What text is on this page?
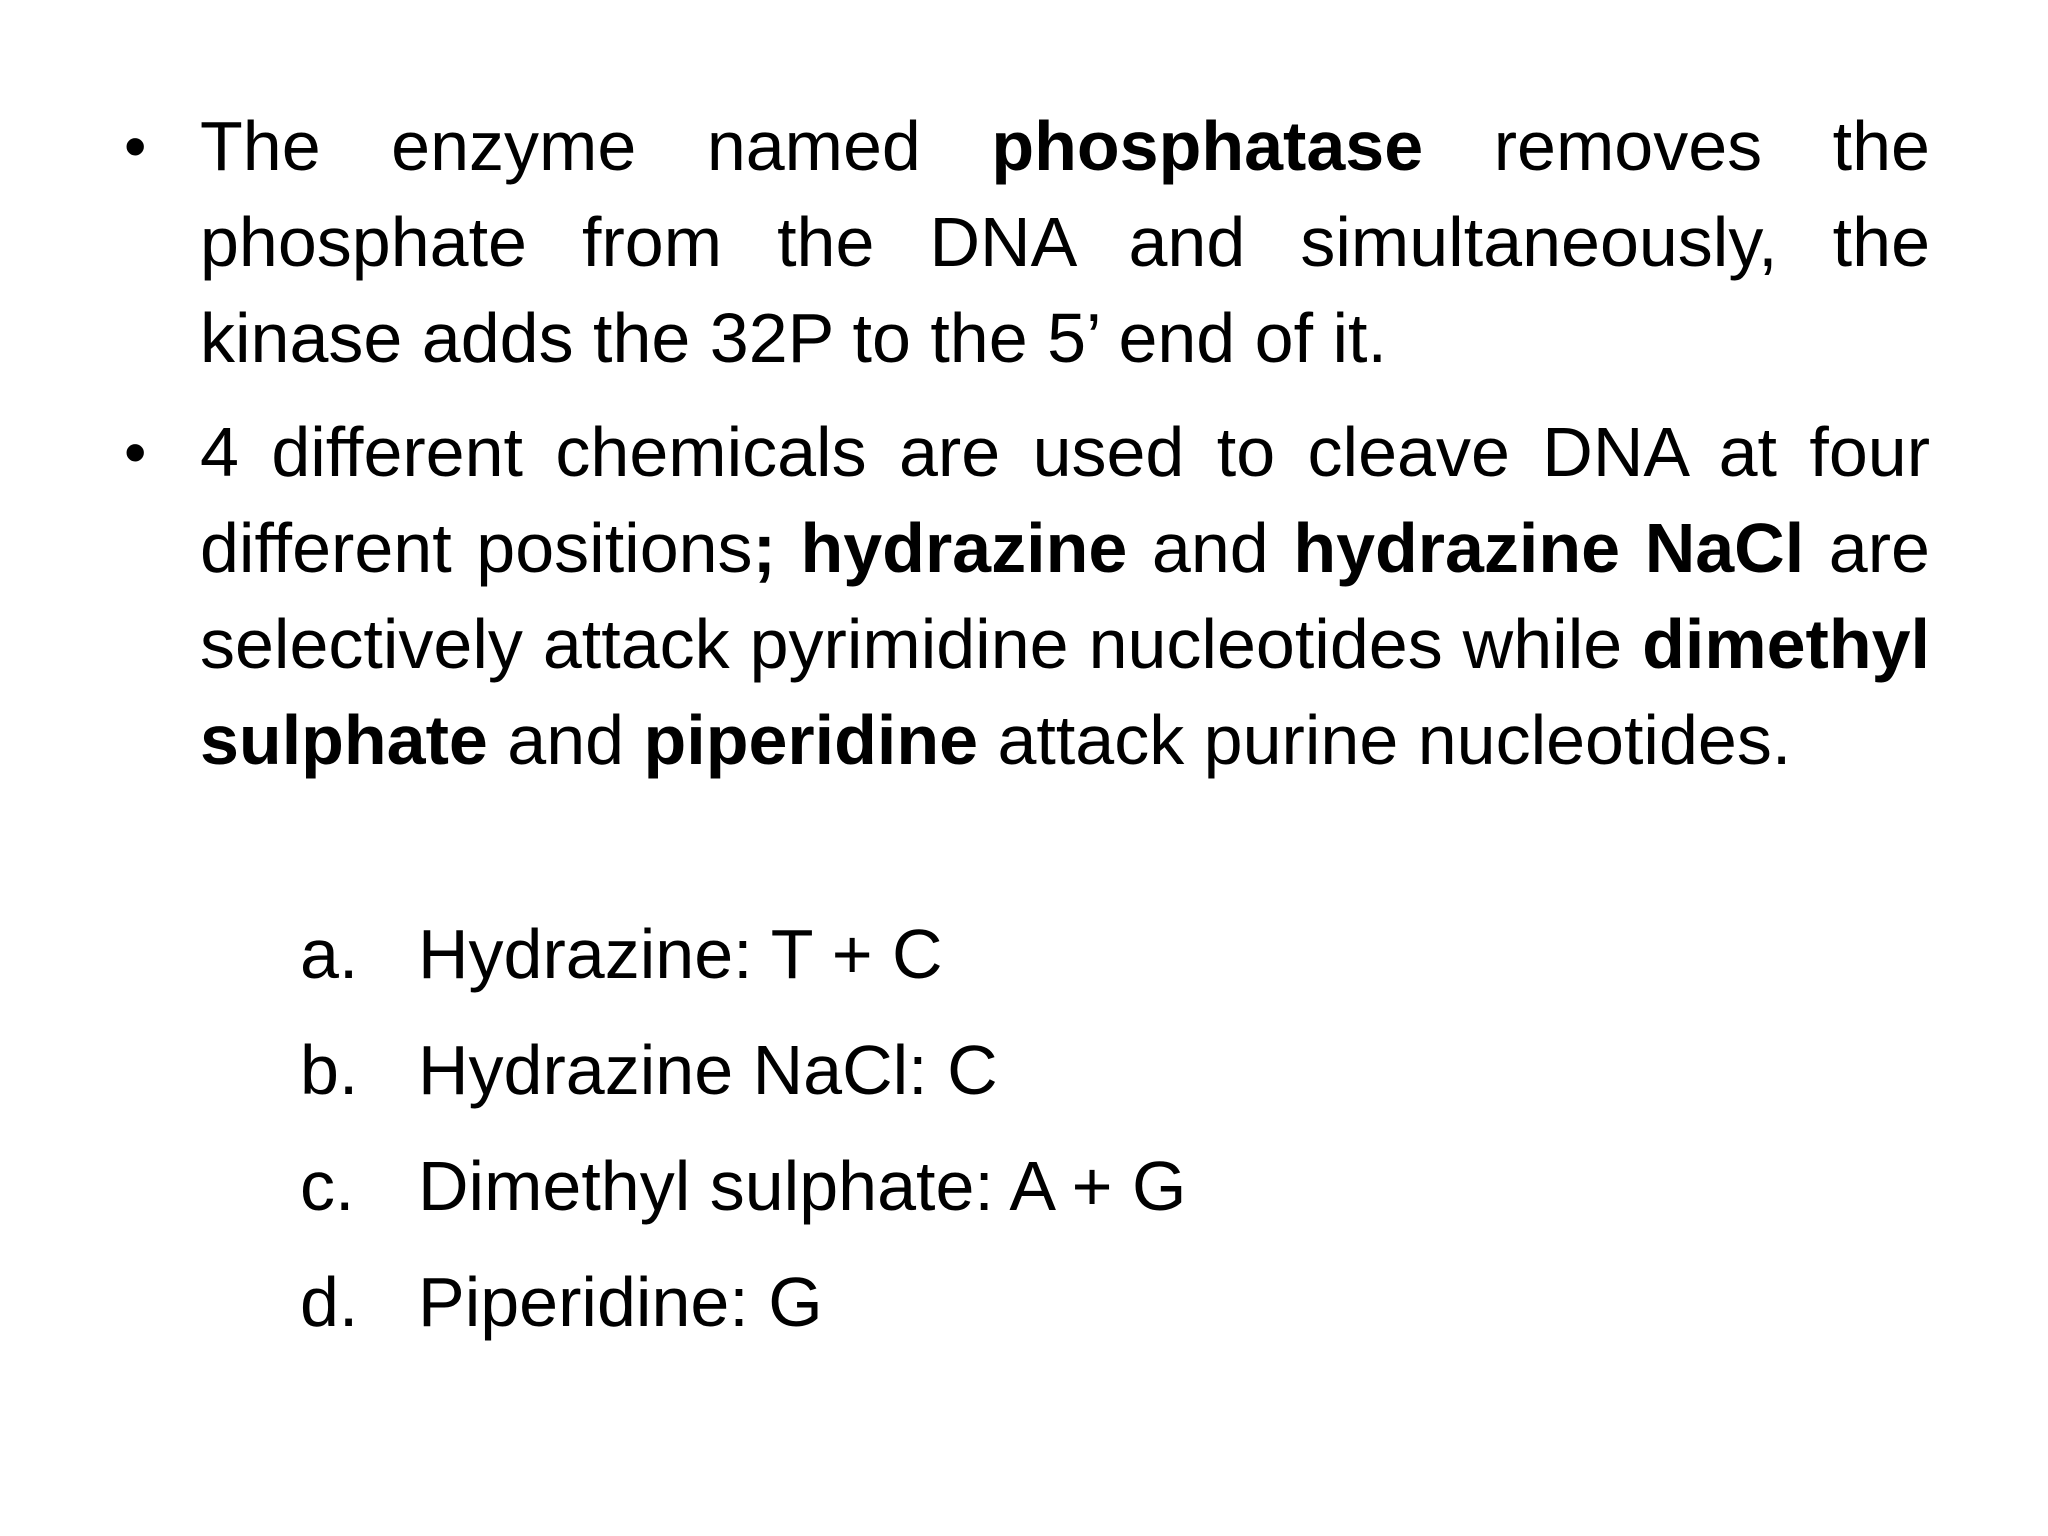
• The enzyme named phosphatase removes the phosphate from the DNA and simultaneously, the kinase adds the 32P to the 5’ end of it.
• 4 different chemicals are used to cleave DNA at four different positions; hydrazine and hydrazine NaCl are selectively attack pyrimidine nucleotides while dimethyl sulphate and piperidine attack purine nucleotides.
a. Hydrazine: T + C
b. Hydrazine NaCl: C
c. Dimethyl sulphate: A + G
d. Piperidine: G
